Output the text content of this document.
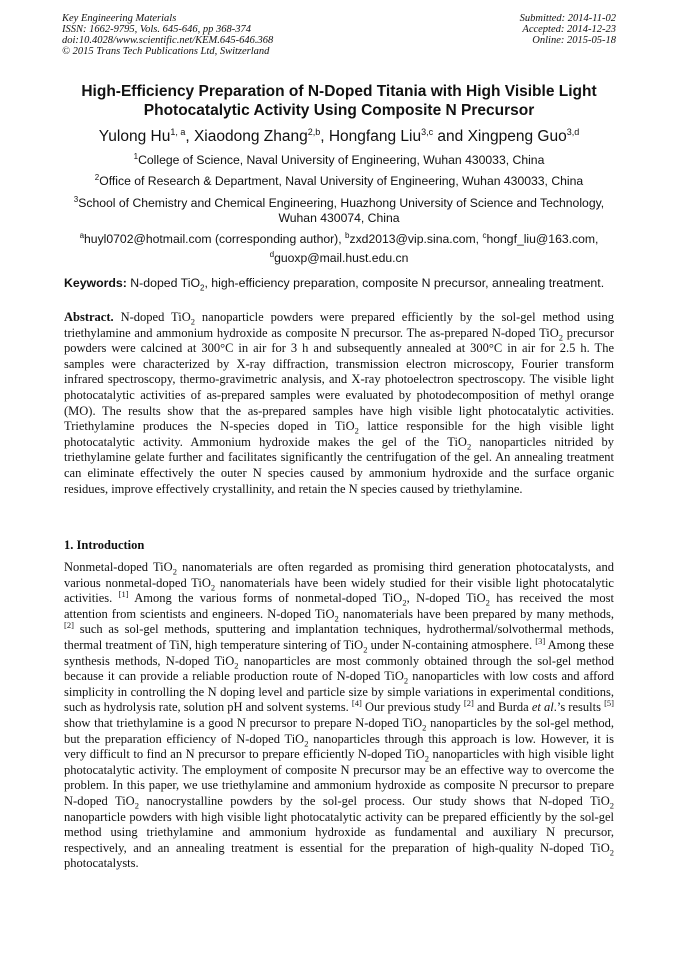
Key Engineering Materials
ISSN: 1662-9795, Vols. 645-646, pp 368-374
doi:10.4028/www.scientific.net/KEM.645-646.368
© 2015 Trans Tech Publications Ltd, Switzerland
Submitted: 2014-11-02
Accepted: 2014-12-23
Online: 2015-05-18
High-Efficiency Preparation of N-Doped Titania with High Visible Light
Photocatalytic Activity Using Composite N Precursor
Yulong Hu$^{1, a}$, Xiaodong Zhang$^{2,b}$, Hongfang Liu$^{3,c}$ and Xingpeng Guo$^{3,d}$
$^1$College of Science, Naval University of Engineering, Wuhan 430033, China
$^2$Office of Research & Department, Naval University of Engineering, Wuhan 430033, China
$^3$School of Chemistry and Chemical Engineering, Huazhong University of Science and Technology,
Wuhan 430074, China
$^a$huyl0702@hotmail.com (corresponding author), $^b$zxd2013@vip.sina.com, $^c$hongf_liu@163.com,
$^d$guoxp@mail.hust.edu.cn
Keywords: N-doped TiO$_2$, high-efficiency preparation, composite N precursor, annealing treatment.
Abstract. N-doped TiO$_2$ nanoparticle powders were prepared efficiently by the sol-gel method using triethylamine and ammonium hydroxide as composite N precursor. The as-prepared N-doped TiO$_2$ precursor powders were calcined at 300°C in air for 3 h and subsequently annealed at 300°C in air for 2.5 h. The samples were characterized by X-ray diffraction, transmission electron microscopy, Fourier transform infrared spectroscopy, thermo-gravimetric analysis, and X-ray photoelectron spectroscopy. The visible light photocatalytic activities of as-prepared samples were evaluated by photodecomposition of methyl orange (MO). The results show that the as-prepared samples have high visible light photocatalytic activities. Triethylamine produces the N-species doped in TiO$_2$ lattice responsible for the high visible light photocatalytic activity. Ammonium hydroxide makes the gel of the TiO$_2$ nanoparticles nitrided by triethylamine gelate further and facilitates significantly the centrifugation of the gel. An annealing treatment can eliminate effectively the outer N species caused by ammonium hydroxide and the surface organic residues, improve effectively crystallinity, and retain the N species caused by triethylamine.
1. Introduction
Nonmetal-doped TiO$_2$ nanomaterials are often regarded as promising third generation photocatalysts, and various nonmetal-doped TiO$_2$ nanomaterials have been widely studied for their visible light photocatalytic activities. [1] Among the various forms of nonmetal-doped TiO$_2$, N-doped TiO$_2$ has received the most attention from scientists and engineers. N-doped TiO$_2$ nanomaterials have been prepared by many methods, [2] such as sol-gel methods, sputtering and implantation techniques, hydrothermal/solvothermal methods, thermal treatment of TiN, high temperature sintering of TiO$_2$ under N-containing atmosphere. [3] Among these synthesis methods, N-doped TiO$_2$ nanoparticles are most commonly obtained through the sol-gel method because it can provide a reliable production route of N-doped TiO$_2$ nanoparticles with low costs and afford simplicity in controlling the N doping level and particle size by simple variations in experimental conditions, such as hydrolysis rate, solution pH and solvent systems. [4] Our previous study [2] and Burda et al.’s results [5] show that triethylamine is a good N precursor to prepare N-doped TiO$_2$ nanoparticles by the sol-gel method, but the preparation efficiency of N-doped TiO$_2$ nanoparticles through this approach is low. However, it is very difficult to find an N precursor to prepare efficiently N-doped TiO$_2$ nanoparticles with high visible light photocatalytic activity. The employment of composite N precursor may be an effective way to overcome the problem. In this paper, we use triethylamine and ammonium hydroxide as composite N precursor to prepare N-doped TiO$_2$ nanocrystalline powders by the sol-gel process. Our study shows that N-doped TiO$_2$ nanoparticle powders with high visible light photocatalytic activity can be prepared efficiently by the sol-gel method using triethylamine and ammonium hydroxide as fundamental and auxiliary N precursor, respectively, and an annealing treatment is essential for the preparation of high-quality N-doped TiO$_2$ photocatalysts.
